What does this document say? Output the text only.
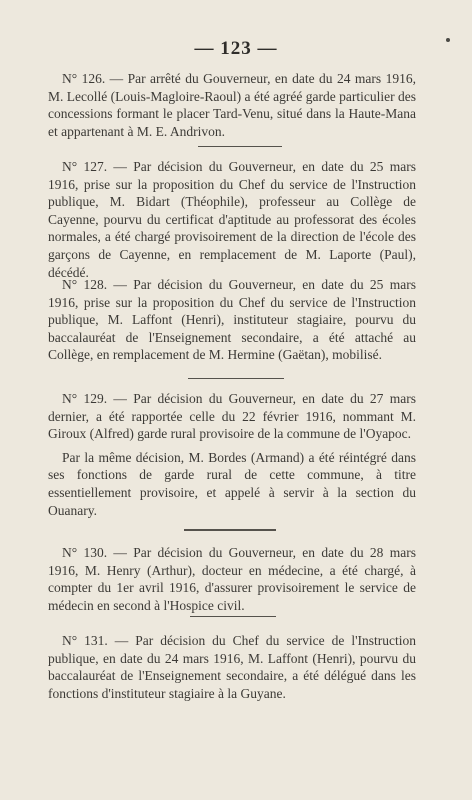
— 123 —

N° 126. — Par arrêté du Gouverneur, en date du 24 mars 1916, M. Lecollé (Louis-Magloire-Raoul) a été agréé garde particulier des concessions formant le placer Tard-Venu, situé dans la Haute-Mana et appartenant à M. E. Andrivon.

N° 127. — Par décision du Gouverneur, en date du 25 mars 1916, prise sur la proposition du Chef du service de l'Instruction publique, M. Bidart (Théophile), professeur au Collège de Cayenne, pourvu du certificat d'aptitude au professorat des écoles normales, a été chargé provisoirement de la direction de l'école des garçons de Cayenne, en remplacement de M. Laporte (Paul), décédé.

N° 128. — Par décision du Gouverneur, en date du 25 mars 1916, prise sur la proposition du Chef du service de l'Instruction publique, M. Laffont (Henri), instituteur stagiaire, pourvu du baccalauréat de l'Enseignement secondaire, a été attaché au Collège, en remplacement de M. Hermine (Gaëtan), mobilisé.

N° 129. — Par décision du Gouverneur, en date du 27 mars dernier, a été rapportée celle du 22 février 1916, nommant M. Giroux (Alfred) garde rural provisoire de la commune de l'Oyapoc.

Par la même décision, M. Bordes (Armand) a été réintégré dans ses fonctions de garde rural de cette commune, à titre essentiellement provisoire, et appelé à servir à la section du Ouanary.

N° 130. — Par décision du Gouverneur, en date du 28 mars 1916, M. Henry (Arthur), docteur en médecine, a été chargé, à compter du 1er avril 1916, d'assurer provisoirement le service de médecin en second à l'Hospice civil.

N° 131. — Par décision du Chef du service de l'Instruction publique, en date du 24 mars 1916, M. Laffont (Henri), pourvu du baccalauréat de l'Enseignement secondaire, a été délégué dans les fonctions d'instituteur stagiaire à la Guyane.
